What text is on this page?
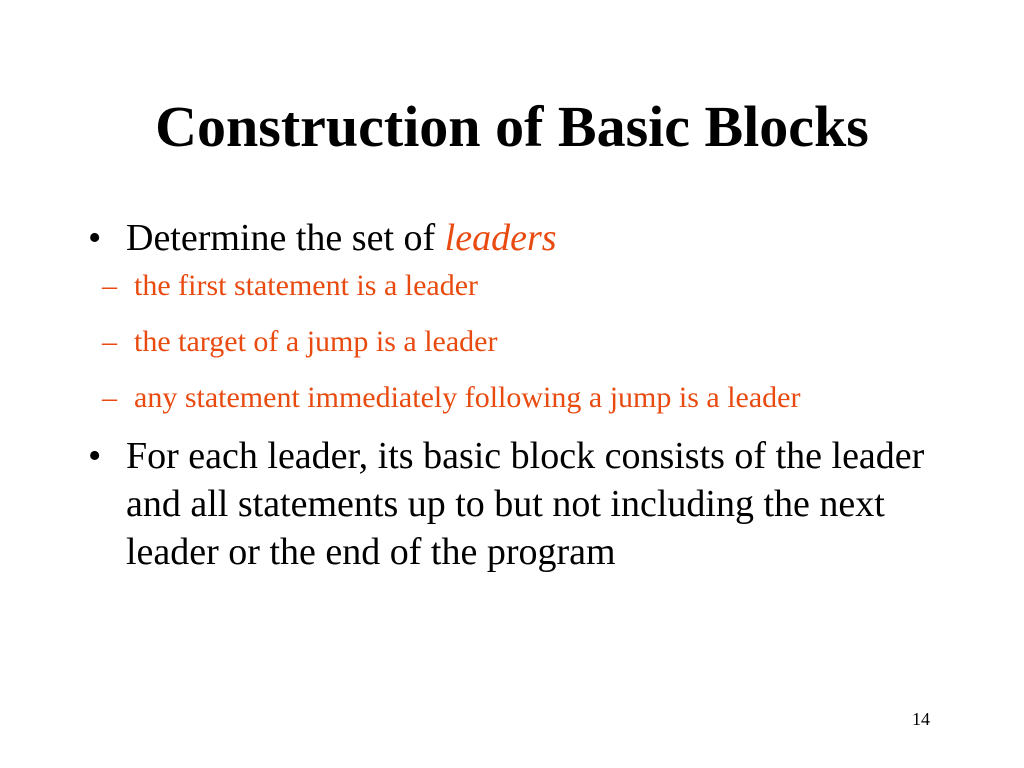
Construction of Basic Blocks
• Determine the set of leaders
– the first statement is a leader
– the target of a jump is a leader
– any statement immediately following a jump is a leader
• For each leader, its basic block consists of the leader and all statements up to but not including the next leader or the end of the program
14
